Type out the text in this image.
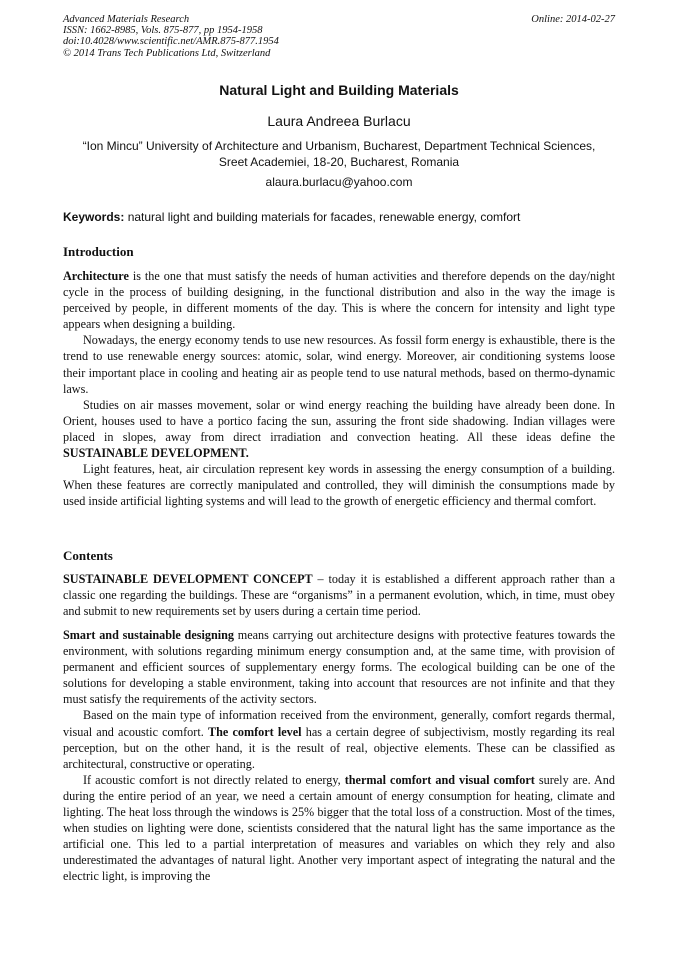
Advanced Materials Research
ISSN: 1662-8985, Vols. 875-877, pp 1954-1958
doi:10.4028/www.scientific.net/AMR.875-877.1954
© 2014 Trans Tech Publications Ltd, Switzerland
Online: 2014-02-27
Natural Light and Building Materials
Laura Andreea Burlacu
“Ion Mincu” University of Architecture and Urbanism, Bucharest, Department Technical Sciences,
Sreet Academiei, 18-20, Bucharest, Romania
alaura.burlacu@yahoo.com
Keywords: natural light and building materials for facades, renewable energy, comfort
Introduction
Architecture is the one that must satisfy the needs of human activities and therefore depends on the day/night cycle in the process of building designing, in the functional distribution and also in the way the image is perceived by people, in different moments of the day. This is where the concern for intensity and light type appears when designing a building.
Nowadays, the energy economy tends to use new resources. As fossil form energy is exhaustible, there is the trend to use renewable energy sources: atomic, solar, wind energy. Moreover, air conditioning systems loose their important place in cooling and heating air as people tend to use natural methods, based on thermo-dynamic laws.
Studies on air masses movement, solar or wind energy reaching the building have already been done. In Orient, houses used to have a portico facing the sun, assuring the front side shadowing. Indian villages were placed in slopes, away from direct irradiation and convection heating. All these ideas define the SUSTAINABLE DEVELOPMENT.
Light features, heat, air circulation represent key words in assessing the energy consumption of a building. When these features are correctly manipulated and controlled, they will diminish the consumptions made by used inside artificial lighting systems and will lead to the growth of energetic efficiency and thermal comfort.
Contents
SUSTAINABLE DEVELOPMENT CONCEPT – today it is established a different approach rather than a classic one regarding the buildings. These are “organisms” in a permanent evolution, which, in time, must obey and submit to new requirements set by users during a certain time period.
Smart and sustainable designing means carrying out architecture designs with protective features towards the environment, with solutions regarding minimum energy consumption and, at the same time, with provision of permanent and efficient sources of supplementary energy forms. The ecological building can be one of the solutions for developing a stable environment, taking into account that resources are not infinite and that they must satisfy the requirements of the activity sectors.
Based on the main type of information received from the environment, generally, comfort regards thermal, visual and acoustic comfort. The comfort level has a certain degree of subjectivism, mostly regarding its real perception, but on the other hand, it is the result of real, objective elements. These can be classified as architectural, constructive or operating.
If acoustic comfort is not directly related to energy, thermal comfort and visual comfort surely are. And during the entire period of an year, we need a certain amount of energy consumption for heating, climate and lighting. The heat loss through the windows is 25% bigger that the total loss of a construction. Most of the times, when studies on lighting were done, scientists considered that the natural light has the same importance as the artificial one. This led to a partial interpretation of measures and variables on which they rely and also underestimated the advantages of natural light. Another very important aspect of integrating the natural and the electric light, is improving the
